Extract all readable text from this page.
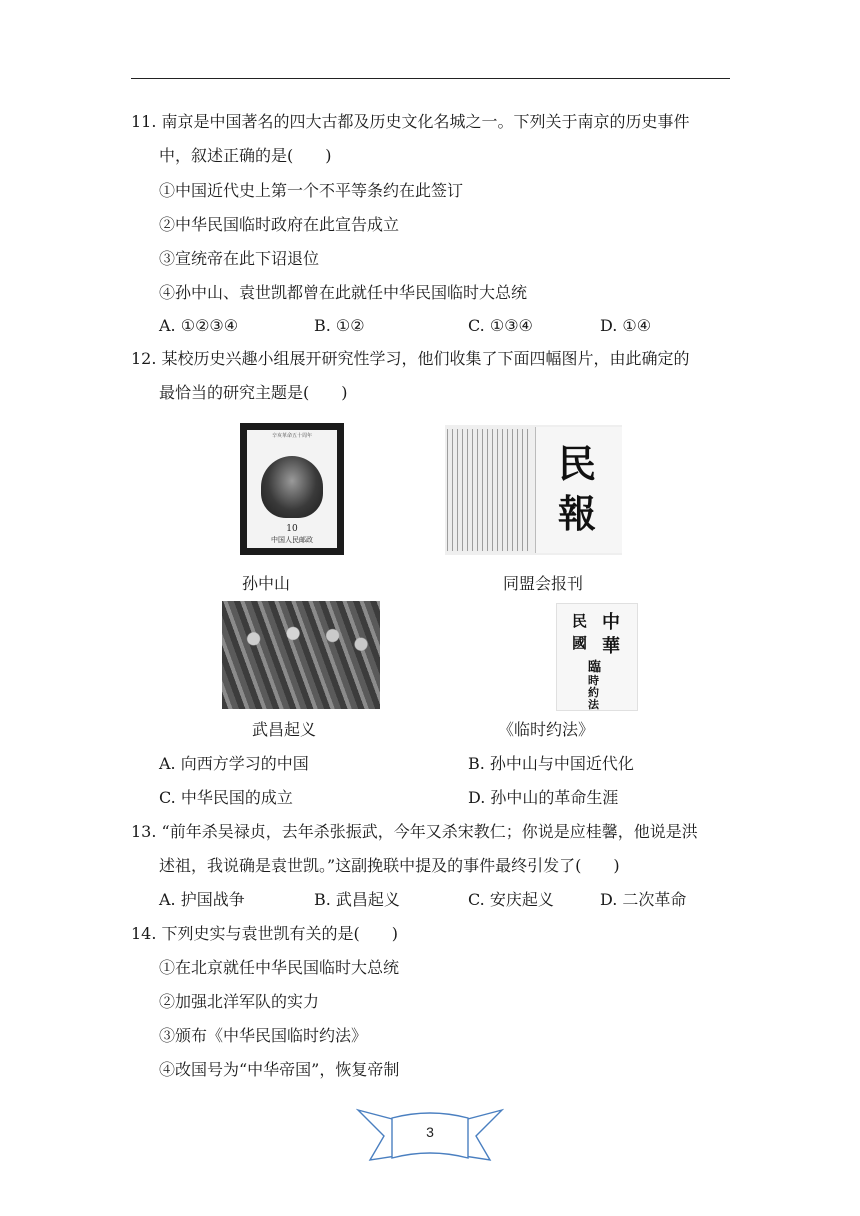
11. 南京是中国著名的四大古都及历史文化名城之一。下列关于南京的历史事件
中，叙述正确的是(　　)
①中国近代史上第一个不平等条约在此签订
②中华民国临时政府在此宣告成立
③宣统帝在此下诏退位
④孙中山、袁世凯都曾在此就任中华民国临时大总统
A. ①②③④	B. ①②	C. ①③④	D. ①④
12. 某校历史兴趣小组展开研究性学习，他们收集了下面四幅图片，由此确定的
最恰当的研究主题是(　　)
辛亥革命五十周年
10
中国人民邮政
民
報
孙中山	同盟会报刊
中
華
民
國
臨
時
約
法
武昌起义	《临时约法》
A. 向西方学习的中国	B. 孙中山与中国近代化
C. 中华民国的成立	D. 孙中山的革命生涯
13. “前年杀吴禄贞，去年杀张振武，今年又杀宋教仁；你说是应桂馨，他说是洪
述祖，我说确是袁世凯。”这副挽联中提及的事件最终引发了(　　)
A. 护国战争	B. 武昌起义	C. 安庆起义	D. 二次革命
14. 下列史实与袁世凯有关的是(　　)
①在北京就任中华民国临时大总统
②加强北洋军队的实力
③颁布《中华民国临时约法》
④改国号为“中华帝国”，恢复帝制
3
